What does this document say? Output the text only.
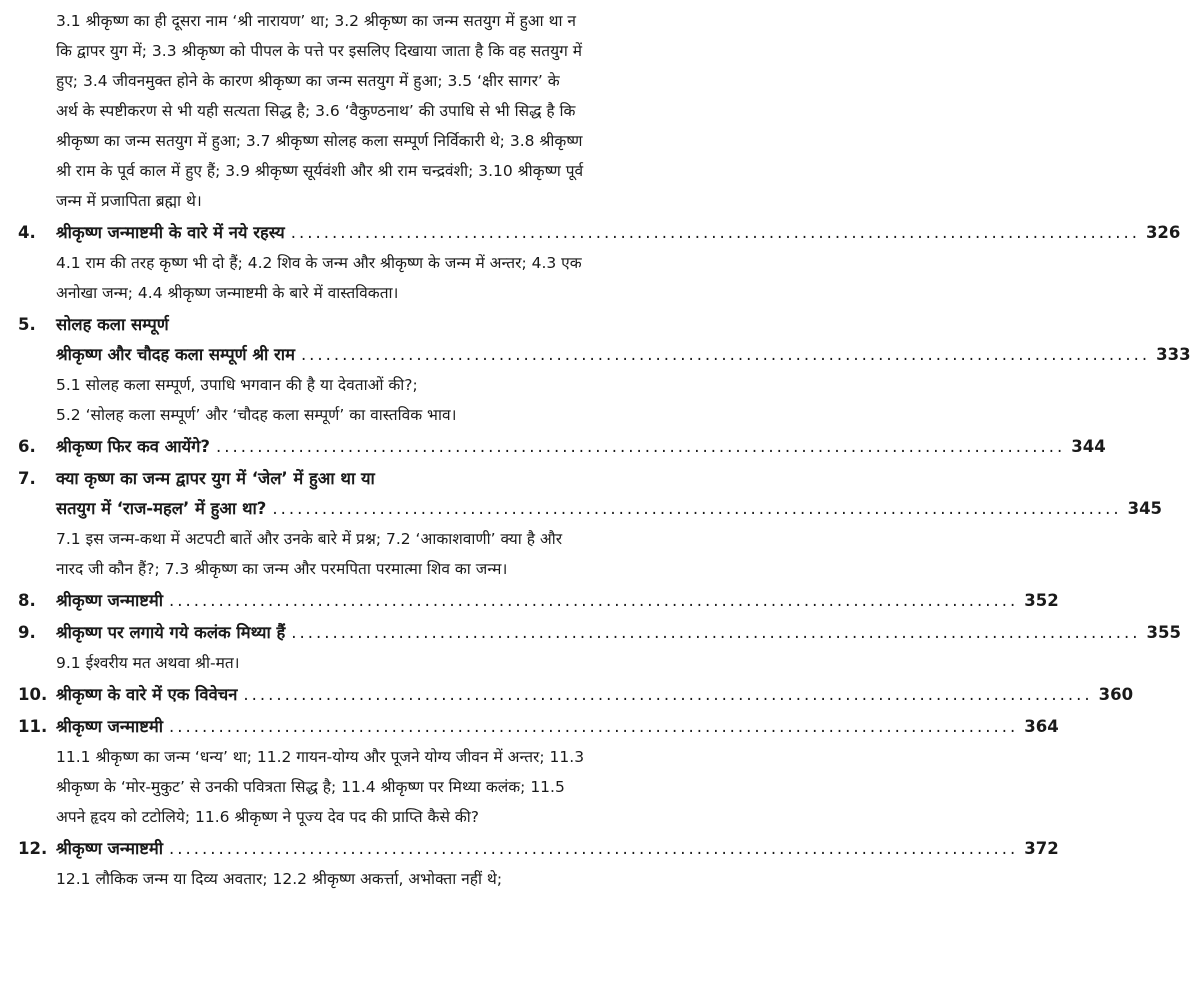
3.1 श्रीकृष्ण का ही दूसरा नाम ‘श्री नारायण’ था; 3.2 श्रीकृष्ण का जन्म सतयुग में हुआ था न कि द्वापर युग में; 3.3 श्रीकृष्ण को पीपल के पत्ते पर इसलिए दिखाया जाता है कि वह सतयुग में हुए; 3.4 जीवनमुक्त होने के कारण श्रीकृष्ण का जन्म सतयुग में हुआ; 3.5 ‘क्षीर सागर’ के अर्थ के स्पष्टीकरण से भी यही सत्यता सिद्ध है; 3.6 ‘वैकुण्ठनाथ’ की उपाधि से भी सिद्ध है कि श्रीकृष्ण का जन्म सतयुग में हुआ; 3.7 श्रीकृष्ण सोलह कला सम्पूर्ण निर्विकारी थे; 3.8 श्रीकृष्ण श्री राम के पूर्व काल में हुए हैं; 3.9 श्रीकृष्ण सूर्यवंशी और श्री राम चन्द्रवंशी; 3.10 श्रीकृष्ण पूर्व जन्म में प्रजापिता ब्रह्मा थे।
4.	श्रीकृष्ण जन्माष्टमी के वारे में नये रहस्य ....................................................................................................... 326
4.1 राम की तरह कृष्ण भी दो हैं; 4.2 शिव के जन्म और श्रीकृष्ण के जन्म में अन्तर; 4.3 एक अनोखा जन्म; 4.4 श्रीकृष्ण जन्माष्टमी के बारे में वास्तविकता।
5.	सोलह कला सम्पूर्ण
श्रीकृष्ण और चौदह कला सम्पूर्ण श्री राम ....................................................................................................... 333
5.1 सोलह कला सम्पूर्ण, उपाधि भगवान की है या देवताओं की?;
5.2 ‘सोलह कला सम्पूर्ण’ और ‘चौदह कला सम्पूर्ण’ का वास्तविक भाव।
6.	श्रीकृष्ण फिर कव आयेंगे? ....................................................................................................... 344
7.	क्या कृष्ण का जन्म द्वापर युग में ‘जेल’ में हुआ था या
सतयुग में ‘राज-महल’ में हुआ था? ....................................................................................................... 345
7.1 इस जन्म-कथा में अटपटी बातें और उनके बारे में प्रश्न; 7.2 ‘आकाशवाणी’ क्या है और नारद जी कौन हैं?; 7.3 श्रीकृष्ण का जन्म और परमपिता परमात्मा शिव का जन्म।
8.	श्रीकृष्ण जन्माष्टमी ....................................................................................................... 352
9.	श्रीकृष्ण पर लगाये गये कलंक मिथ्या हैं ....................................................................................................... 355
9.1 ईश्वरीय मत अथवा श्री-मत।
10. श्रीकृष्ण के वारे में एक विवेचन ....................................................................................................... 360
11. श्रीकृष्ण जन्माष्टमी ....................................................................................................... 364
11.1 श्रीकृष्ण का जन्म ‘धन्य’ था; 11.2 गायन-योग्य और पूजने योग्य जीवन में अन्तर; 11.3 श्रीकृष्ण के ‘मोर-मुकुट’ से उनकी पवित्रता सिद्ध है; 11.4 श्रीकृष्ण पर मिथ्या कलंक; 11.5 अपने हृदय को टटोलिये; 11.6 श्रीकृष्ण ने पूज्य देव पद की प्राप्ति कैसे की?
12. श्रीकृष्ण जन्माष्टमी ....................................................................................................... 372
12.1 लौकिक जन्म या दिव्य अवतार; 12.2 श्रीकृष्ण अकर्त्ता, अभोक्ता नहीं थे;
